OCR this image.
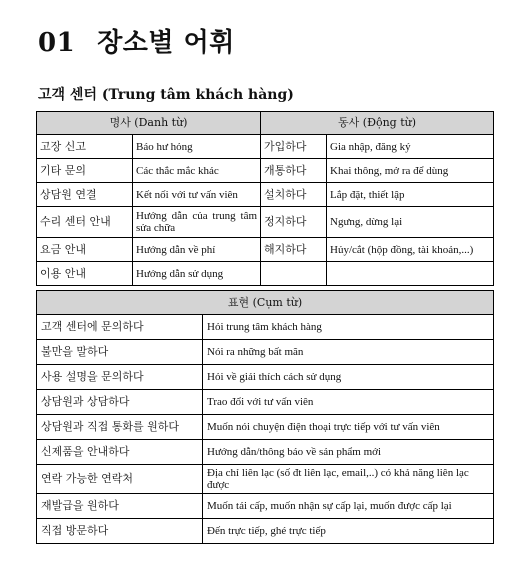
01 장소별 어휘
고객 센터 (Trung tâm khách hàng)
명사 (Danh từ)		동사 (Động từ)	
고장 신고	Báo hư hỏng	가입하다	Gia nhập, đăng ký
기타 문의	Các thắc mắc khác	개통하다	Khai thông, mở ra để dùng
상담원 연결	Kết nối với tư vấn viên	설치하다	Lắp đặt, thiết lập
수리 센터 안내	Hướng dẫn của trung tâm sửa chữa	정지하다	Ngưng, dừng lại
요금 안내	Hướng dẫn về phí	해지하다	Hủy/cắt (hộp đồng, tài khoản,...)
이용 안내	Hướng dẫn sử dụng		
표현 (Cụm từ)	
고객 센터에 문의하다	Hỏi trung tâm khách hàng
불만을 말하다	Nói ra những bất mãn
사용 설명을 문의하다	Hỏi về giải thích cách sử dụng
상담원과 상담하다	Trao đổi với tư vấn viên
상담원과 직접 통화를 원하다	Muốn nói chuyện điện thoại trực tiếp với tư vấn viên
신제품을 안내하다	Hướng dẫn/thông báo về sản phẩm mới
연락 가능한 연락처	Địa chỉ liên lạc (số đt liên lạc, email,..) có khả năng liên lạc được
재발급을 원하다	Muốn tái cấp, muốn nhận sự cấp lại, muốn được cấp lại
직접 방문하다	Đến trực tiếp, ghé trực tiếp
